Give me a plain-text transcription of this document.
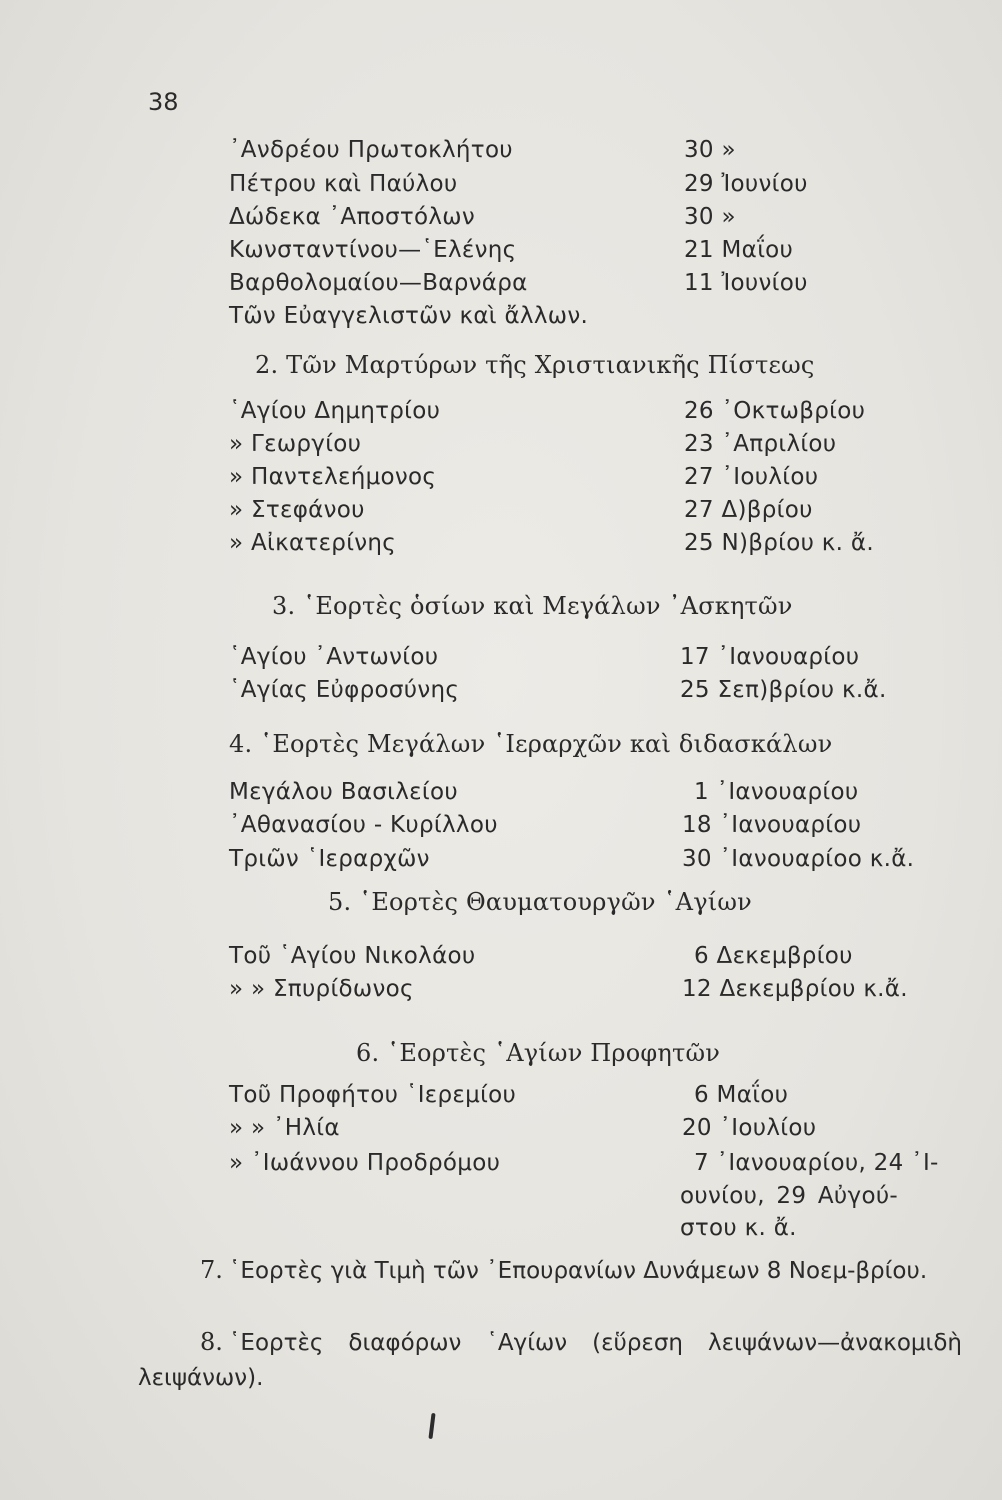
38
᾿Ανδρέου Πρωτοκλήτου	30 »
Πέτρου καὶ Παύλου	29 Ἰουνίου
Δώδεκα ᾿Αποστόλων	30 »
Κωνσταντίνου—῾Ελένης	21 Μαΐου
Βαρθολομαίου—Βαρνάρα	11 Ἰουνίου
Τῶν Εὐαγγελιστῶν καὶ ἄλλων.
2. Τῶν Μαρτύρων τῆς Χριστιανικῆς Πίστεως
῾Αγίου Δημητρίου	26 ᾿Οκτωβρίου
» Γεωργίου	23 ᾿Απριλίου
» Παντελεήμονος	27 ᾿Ιουλίου
» Στεφάνου	27 Δ)βρίου
» Αἰκατερίνης	25 Ν)βρίου κ. ἄ.
3. ῾Εορτὲς ὁσίων καὶ Μεγάλων ᾿Ασκητῶν
῾Αγίου ᾿Αντωνίου	17 ᾿Ιανουαρίου
῾Αγίας Εὐφροσύνης	25 Σεπ)βρίου κ.ἄ.
4. ῾Εορτὲς Μεγάλων ῾Ιεραρχῶν καὶ διδασκάλων
Μεγάλου Βασιλείου	1 ᾿Ιανουαρίου
᾿Αθανασίου - Κυρίλλου	18 ᾿Ιανουαρίου
Τριῶν ῾Ιεραρχῶν	30 ᾿Ιανουαρίοο κ.ἄ.
5. ῾Εορτὲς Θαυματουργῶν ῾Αγίων
Τοῦ ῾Αγίου Νικολάου	6 Δεκεμβρίου
» » Σπυρίδωνος	12 Δεκεμβρίου κ.ἄ.
6. ῾Εορτὲς ῾Αγίων Προφητῶν
Τοῦ Προφήτου ῾Ιερεμίου	6 Μαΐου
» » ᾿Ηλία	20 ᾿Ιουλίου
» ᾿Ιωάννου Προδρόμου	7 ᾿Ιανουαρίου, 24 ᾿Ι-
ουνίου, 29 Αὐγού-
στου κ. ἄ.
7. ῾Εορτὲς γιὰ Τιμὴ τῶν ᾿Επουρανίων Δυνάμεων 8 Νοεμ-βρίου.
8. ῾Εορτὲς διαφόρων ῾Αγίων (εὕρεση λειψάνων—ἀνακομιδὴ λειψάνων).
